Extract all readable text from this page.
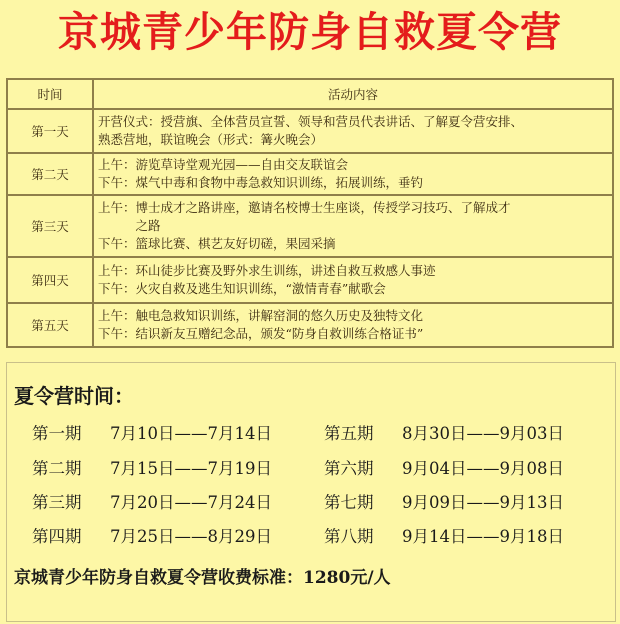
京城青少年防身自救夏令营
时间	活动内容
第一天	开营仪式：授营旗、全体营员宣誓、领导和营员代表讲话、了解夏令营安排、
熟悉营地，联谊晚会（形式：篝火晚会）

第二天	上午：游览草诗堂观光园——自由交友联谊会
下午：煤气中毒和食物中毒急救知识训练，拓展训练，垂钓

第三天	上午：博士成才之路讲座，邀请名校博士生座谈，传授学习技巧、了解成才
　　　之路
下午：篮球比赛、棋艺友好切磋，果园采摘

第四天	上午：环山徒步比赛及野外求生训练，讲述自救互救感人事迹
下午：火灾自救及逃生知识训练，“激情青春”献歌会

第五天	上午：触电急救知识训练，讲解窑洞的悠久历史及独特文化
下午：结识新友互赠纪念品，颁发“防身自救训练合格证书”
夏令营时间：
第一期 7月10日——7月14日
第二期 7月15日——7月19日
第三期 7月20日——7月24日
第四期 7月25日——8月29日
第五期 8月30日——9月03日
第六期 9月04日——9月08日
第七期 9月09日——9月13日
第八期 9月14日——9月18日
京城青少年防身自救夏令营收费标准：1280元/人
